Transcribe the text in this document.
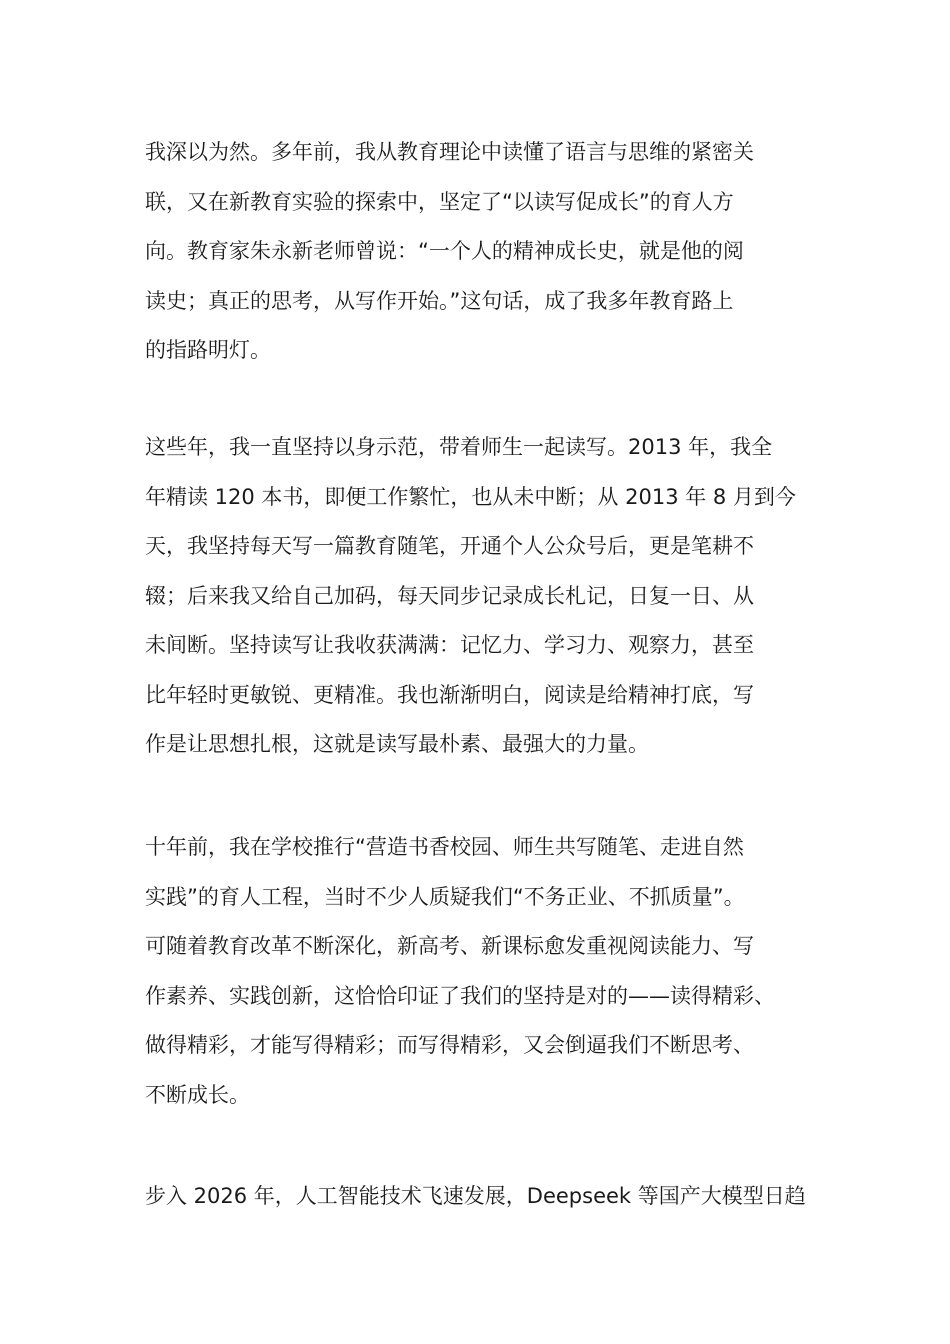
我深以为然。多年前，我从教育理论中读懂了语言与思维的紧密关
联，又在新教育实验的探索中，坚定了“以读写促成长”的育人方
向。教育家朱永新老师曾说：“一个人的精神成长史，就是他的阅
读史；真正的思考，从写作开始。”这句话，成了我多年教育路上
的指路明灯。
这些年，我一直坚持以身示范，带着师生一起读写。2013 年，我全
年精读 120 本书，即便工作繁忙，也从未中断；从 2013 年 8 月到今
天，我坚持每天写一篇教育随笔，开通个人公众号后，更是笔耕不
辍；后来我又给自己加码，每天同步记录成长札记，日复一日、从
未间断。坚持读写让我收获满满：记忆力、学习力、观察力，甚至
比年轻时更敏锐、更精准。我也渐渐明白，阅读是给精神打底，写
作是让思想扎根，这就是读写最朴素、最强大的力量。
十年前，我在学校推行“营造书香校园、师生共写随笔、走进自然
实践”的育人工程，当时不少人质疑我们“不务正业、不抓质量”。
可随着教育改革不断深化，新高考、新课标愈发重视阅读能力、写
作素养、实践创新，这恰恰印证了我们的坚持是对的——读得精彩、
做得精彩，才能写得精彩；而写得精彩，又会倒逼我们不断思考、
不断成长。
步入 2026 年，人工智能技术飞速发展，Deepseek 等国产大模型日趋
